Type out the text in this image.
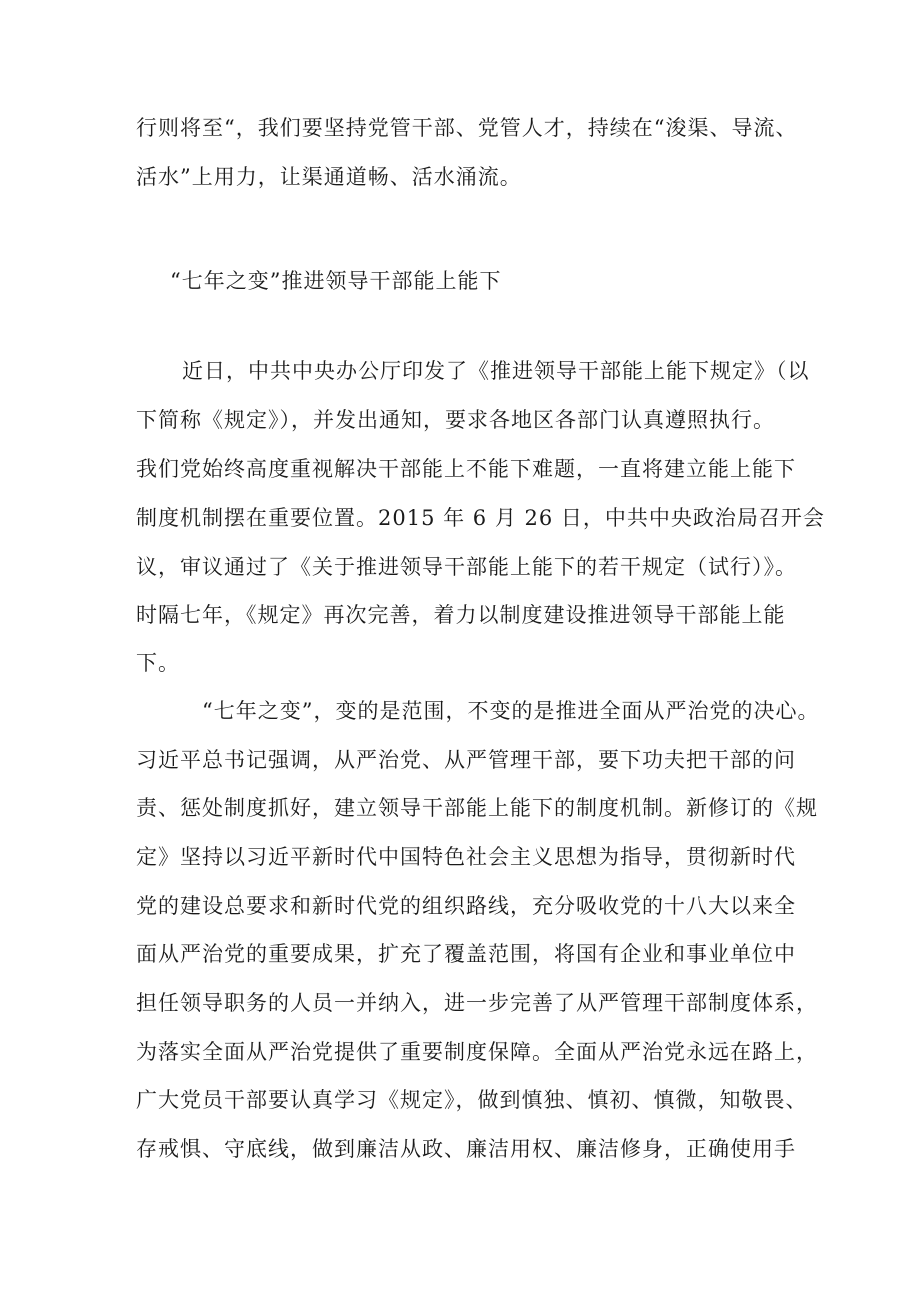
行则将至“，我们要坚持党管干部、党管人才，持续在“浚渠、导流、
活水”上用力，让渠通道畅、活水涌流。
“七年之变”推进领导干部能上能下
近日，中共中央办公厅印发了《推进领导干部能上能下规定》（以
下简称《规定》），并发出通知，要求各地区各部门认真遵照执行。
我们党始终高度重视解决干部能上不能下难题，一直将建立能上能下
制度机制摆在重要位置。2015 年 6 月 26 日，中共中央政治局召开会
议，审议通过了《关于推进领导干部能上能下的若干规定（试行）》。
时隔七年，《规定》再次完善，着力以制度建设推进领导干部能上能
下。
“七年之变”，变的是范围，不变的是推进全面从严治党的决心。
习近平总书记强调，从严治党、从严管理干部，要下功夫把干部的问
责、惩处制度抓好，建立领导干部能上能下的制度机制。新修订的《规
定》坚持以习近平新时代中国特色社会主义思想为指导，贯彻新时代
党的建设总要求和新时代党的组织路线，充分吸收党的十八大以来全
面从严治党的重要成果，扩充了覆盖范围，将国有企业和事业单位中
担任领导职务的人员一并纳入，进一步完善了从严管理干部制度体系，
为落实全面从严治党提供了重要制度保障。全面从严治党永远在路上，
广大党员干部要认真学习《规定》，做到慎独、慎初、慎微，知敬畏、
存戒惧、守底线，做到廉洁从政、廉洁用权、廉洁修身，正确使用手
